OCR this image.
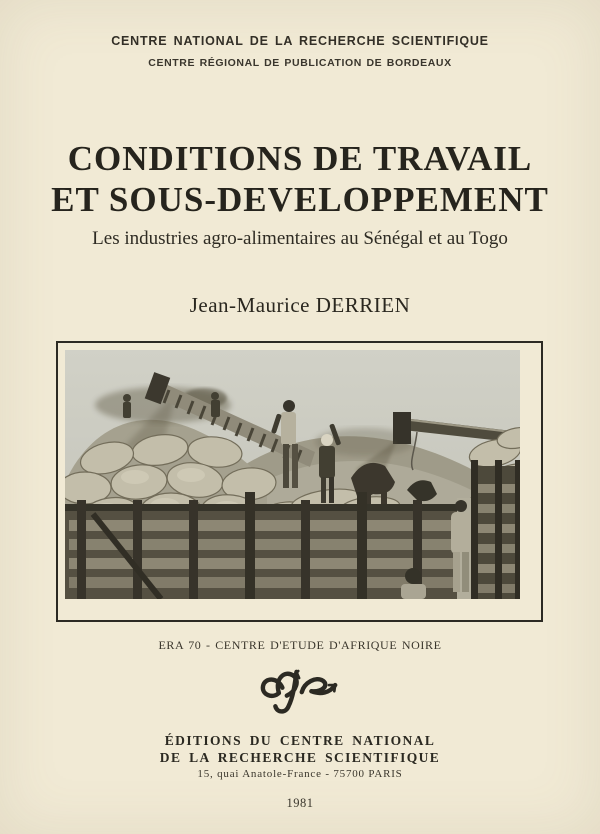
CENTRE NATIONAL DE LA RECHERCHE SCIENTIFIQUE
CENTRE RÉGIONAL DE PUBLICATION DE BORDEAUX
CONDITIONS DE TRAVAIL
ET SOUS-DEVELOPPEMENT
Les industries agro-alimentaires au Sénégal et au Togo
Jean-Maurice DERRIEN
ERA 70 - CENTRE D'ETUDE D'AFRIQUE NOIRE
ÉDITIONS DU CENTRE NATIONAL
DE LA RECHERCHE SCIENTIFIQUE
15, quai Anatole-France - 75700 PARIS
1981
